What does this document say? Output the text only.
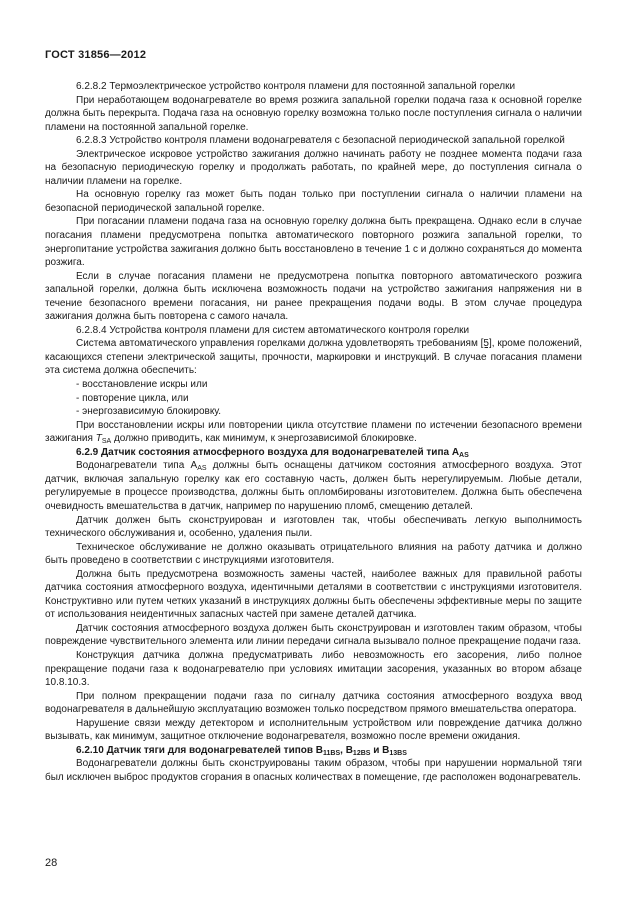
ГОСТ 31856—2012

6.2.8.2 Термоэлектрическое устройство контроля пламени для постоянной запальной горелки

При неработающем водонагревателе во время розжига запальной горелки подача газа к основной горелке должна быть перекрыта. Подача газа на основную горелку возможна только после поступления сигнала о наличии пламени на постоянной запальной горелке.

6.2.8.3 Устройство контроля пламени водонагревателя с безопасной периодической запальной горелкой

Электрическое искровое устройство зажигания должно начинать работу не позднее момента подачи газа на безопасную периодическую горелку и продолжать работать, по крайней мере, до поступления сигнала о наличии пламени на горелке.

На основную горелку газ может быть подан только при поступлении сигнала о наличии пламени на безопасной периодической запальной горелке.

При погасании пламени подача газа на основную горелку должна быть прекращена. Однако если в случае погасания пламени предусмотрена попытка автоматического повторного розжига запальной горелки, то энергопитание устройства зажигания должно быть восстановлено в течение 1 с и должно сохраняться до момента розжига.

Если в случае погасания пламени не предусмотрена попытка повторного автоматического розжига запальной горелки, должна быть исключена возможность подачи на устройство зажигания напряжения ни в течение безопасного времени погасания, ни ранее прекращения подачи воды. В этом случае процедура зажигания должна быть повторена с самого начала.

6.2.8.4 Устройства контроля пламени для систем автоматического контроля горелки

Система автоматического управления горелками должна удовлетворять требованиям [5], кроме положений, касающихся степени электрической защиты, прочности, маркировки и инструкций. В случае погасания пламени эта система должна обеспечить:

- восстановление искры или

- повторение цикла, или

- энергозависимую блокировку.

При восстановлении искры или повторении цикла отсутствие пламени по истечении безопасного времени зажигания $T_{SA}$ должно приводить, как минимум, к энергозависимой блокировке.

6.2.9 Датчик состояния атмосферного воздуха для водонагревателей типа $A_{AS}$

Водонагреватели типа $A_{AS}$ должны быть оснащены датчиком состояния атмосферного воздуха. Этот датчик, включая запальную горелку как его составную часть, должен быть нерегулируемым. Любые детали, регулируемые в процессе производства, должны быть опломбированы изготовителем. Должна быть обеспечена очевидность вмешательства в датчик, например по нарушению пломб, смещению деталей.

Датчик должен быть сконструирован и изготовлен так, чтобы обеспечивать легкую выполнимость технического обслуживания и, особенно, удаления пыли.

Техническое обслуживание не должно оказывать отрицательного влияния на работу датчика и должно быть проведено в соответствии с инструкциями изготовителя.

Должна быть предусмотрена возможность замены частей, наиболее важных для правильной работы датчика состояния атмосферного воздуха, идентичными деталями в соответствии с инструкциями изготовителя. Конструктивно или путем четких указаний в инструкциях должны быть обеспечены эффективные меры по защите от использования неидентичных запасных частей при замене деталей датчика.

Датчик состояния атмосферного воздуха должен быть сконструирован и изготовлен таким образом, чтобы повреждение чувствительного элемента или линии передачи сигнала вызывало полное прекращение подачи газа.

Конструкция датчика должна предусматривать либо невозможность его засорения, либо полное прекращение подачи газа к водонагревателю при условиях имитации засорения, указанных во втором абзаце 10.8.10.3.

При полном прекращении подачи газа по сигналу датчика состояния атмосферного воздуха ввод водонагревателя в дальнейшую эксплуатацию возможен только посредством прямого вмешательства оператора.

Нарушение связи между детектором и исполнительным устройством или повреждение датчика должно вызывать, как минимум, защитное отключение водонагревателя, возможно после времени ожидания.

6.2.10 Датчик тяги для водонагревателей типов $B_{11BS}$, $B_{12BS}$ и $B_{13BS}$

Водонагреватели должны быть сконструированы таким образом, чтобы при нарушении нормальной тяги был исключен выброс продуктов сгорания в опасных количествах в помещение, где расположен водонагреватель.

28
